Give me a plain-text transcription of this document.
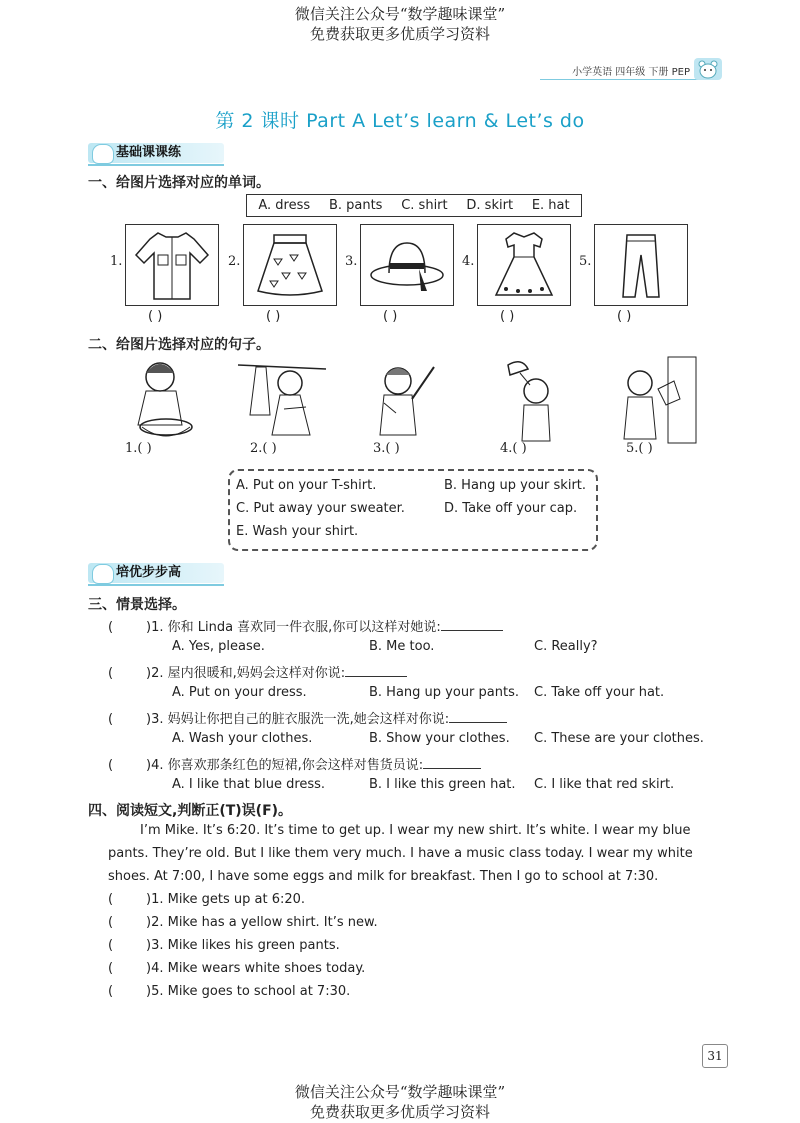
微信关注公众号“数学趣味课堂”
免费获取更多优质学习资料
小学英语 四年级 下册 PEP
第 2 课时 Part A Let’s learn & Let’s do
基础课课练
一、给图片选择对应的单词。
A. dress B. pants C. shirt D. skirt E. hat
1.
( )
2.
( )
3.
( )
4.
( )
5.
( )
二、给图片选择对应的句子。
1.( )	2.( )	3.( )	4.( )	5.( )
A. Put on your T-shirt.	B. Hang up your skirt.
C. Put away your sweater.	D. Take off your cap.
E. Wash your shirt.
培优步步高
三、情景选择。
(	)1. 你和 Linda 喜欢同一件衣服,你可以这样对她说:
A. Yes, please.	B. Me too.	C. Really?
(	)2. 屋内很暖和,妈妈会这样对你说:
A. Put on your dress.	B. Hang up your pants. C. Take off your hat.
(	)3. 妈妈让你把自己的脏衣服洗一洗,她会这样对你说:
A. Wash your clothes.	B. Show your clothes. C. These are your clothes.
(	)4. 你喜欢那条红色的短裙,你会这样对售货员说:
A. I like that blue dress.	B. I like this green hat. C. I like that red skirt.
四、阅读短文,判断正(T)误(F)。
I’m Mike. It’s 6:20. It’s time to get up. I wear my new shirt. It’s white. I wear my blue
pants. They’re old. But I like them very much. I have a music class today. I wear my white
shoes. At 7:00, I have some eggs and milk for breakfast. Then I go to school at 7:30.
(	)1. Mike gets up at 6:20.
(	)2. Mike has a yellow shirt. It’s new.
(	)3. Mike likes his green pants.
(	)4. Mike wears white shoes today.
(	)5. Mike goes to school at 7:30.
31
微信关注公众号“数学趣味课堂”
免费获取更多优质学习资料
